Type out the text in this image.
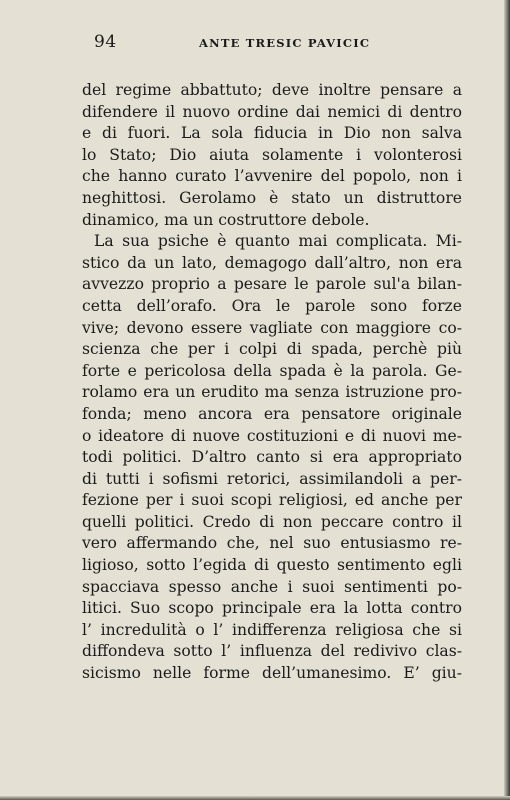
94	ANTE TRESIC PAVICIC
del regime abbattuto; deve inoltre pensare a
difendere il nuovo ordine dai nemici di dentro
e di fuori. La sola fiducia in Dio non salva
lo Stato; Dio aiuta solamente i volonterosi
che hanno curato l’avvenire del popolo, non i
neghittosi. Gerolamo è stato un distruttore
dinamico, ma un costruttore debole.
La sua psiche è quanto mai complicata. Mi-
stico da un lato, demagogo dall’altro, non era
avvezzo proprio a pesare le parole sul'a bilan-
cetta dell’orafo. Ora le parole sono forze
vive; devono essere vagliate con maggiore co-
scienza che per i colpi di spada, perchè più
forte e pericolosa della spada è la parola. Ge-
rolamo era un erudito ma senza istruzione pro-
fonda; meno ancora era pensatore originale
o ideatore di nuove costituzioni e di nuovi me-
todi politici. D’altro canto si era appropriato
di tutti i sofismi retorici, assimilandoli a per-
fezione per i suoi scopi religiosi, ed anche per
quelli politici. Credo di non peccare contro il
vero affermando che, nel suo entusiasmo re-
ligioso, sotto l’egida di questo sentimento egli
spacciava spesso anche i suoi sentimenti po-
litici. Suo scopo principale era la lotta contro
l’ incredulità o l’ indifferenza religiosa che si
diffondeva sotto l’ influenza del redivivo clas-
sicismo nelle forme dell’umanesimo. E’ giu-
